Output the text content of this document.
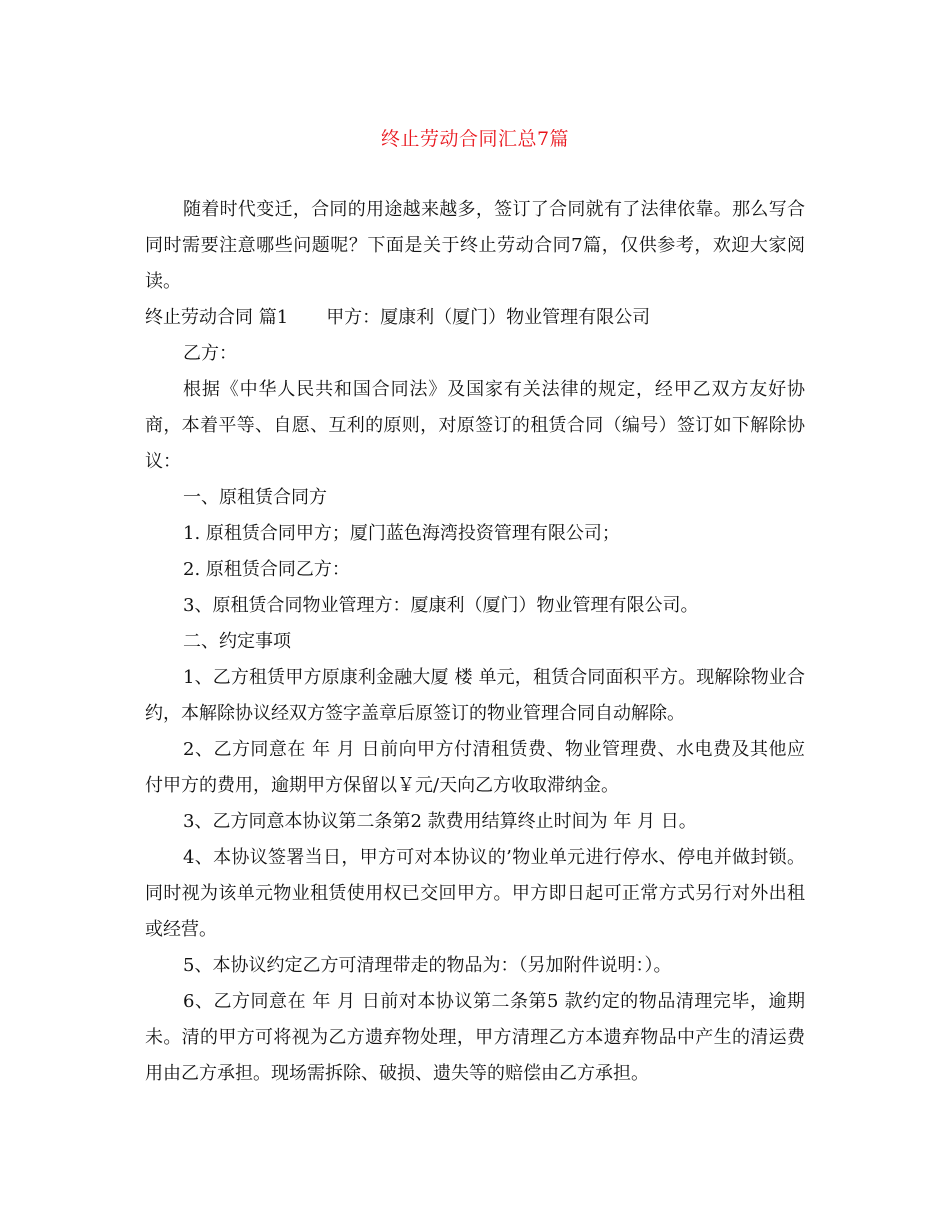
终止劳动合同汇总7篇

随着时代变迁，合同的用途越来越多，签订了合同就有了法律依靠。那么写合同时需要注意哪些问题呢？下面是关于终止劳动合同7篇，仅供参考，欢迎大家阅读。

终止劳动合同 篇1 甲方：厦康利（厦门）物业管理有限公司

乙方：

根据《中华人民共和国合同法》及国家有关法律的规定，经甲乙双方友好协商，本着平等、自愿、互利的原则，对原签订的租赁合同（编号）签订如下解除协议：

一、原租赁合同方

1. 原租赁合同甲方；厦门蓝色海湾投资管理有限公司；

2. 原租赁合同乙方：

3、原租赁合同物业管理方：厦康利（厦门）物业管理有限公司。

二、约定事项

1、乙方租赁甲方原康利金融大厦 楼 单元，租赁合同面积平方。现解除物业合约，本解除协议经双方签字盖章后原签订的物业管理合同自动解除。

2、乙方同意在 年 月 日前向甲方付清租赁费、物业管理费、水电费及其他应付甲方的费用，逾期甲方保留以￥元/天向乙方收取滞纳金。

3、乙方同意本协议第二条第2 款费用结算终止时间为 年 月 日。

4、本协议签署当日，甲方可对本协议的’物业单元进行停水、停电并做封锁。同时视为该单元物业租赁使用权已交回甲方。甲方即日起可正常方式另行对外出租或经营。

5、本协议约定乙方可清理带走的物品为：（另加附件说明：）。

6、乙方同意在 年 月 日前对本协议第二条第5 款约定的物品清理完毕，逾期未。清的甲方可将视为乙方遗弃物处理，甲方清理乙方本遗弃物品中产生的清运费用由乙方承担。现场需拆除、破损、遗失等的赔偿由乙方承担。
